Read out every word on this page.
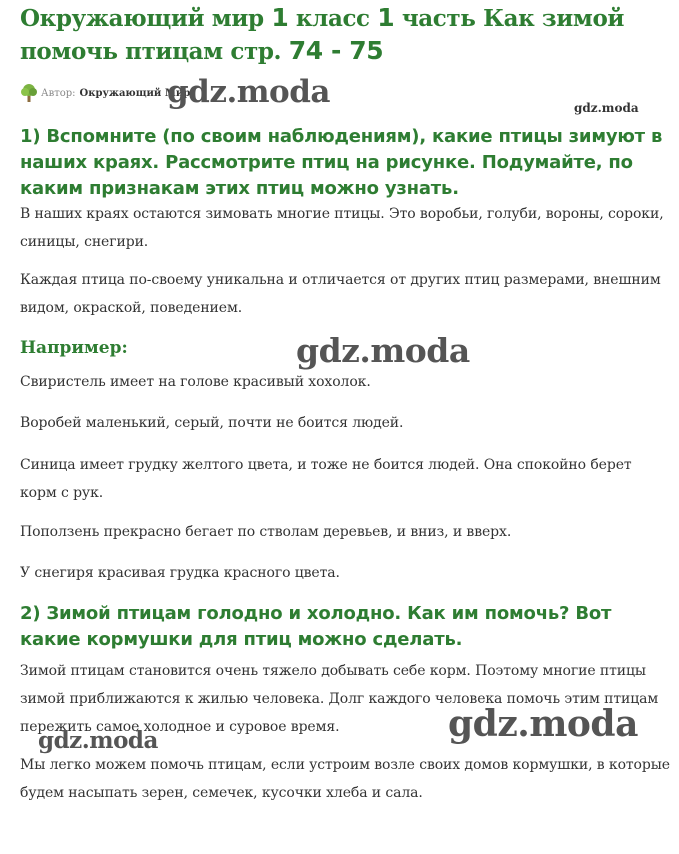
Окружающий мир 1 класс 1 часть Как зимой помочь птицам стр. 74 - 75
Автор: Окружающий Мир
gdz.moda	gdz.moda
1) Вспомните (по своим наблюдениям), какие птицы зимуют в наших краях. Рассмотрите птиц на рисунке. Подумайте, по каким признакам этих птиц можно узнать.

В наших краях остаются зимовать многие птицы. Это воробьи, голуби, вороны, сороки, синицы, снегири.

Каждая птица по-своему уникальна и отличается от других птиц размерами, внешним видом, окраской, поведением.

Например:	gdz.moda

Свиристель имеет на голове красивый хохолок.

Воробей маленький, серый, почти не боится людей.

Синица имеет грудку желтого цвета, и тоже не боится людей. Она спокойно берет корм с рук.

Поползень прекрасно бегает по стволам деревьев, и вниз, и вверх.

У снегиря красивая грудка красного цвета.

2) Зимой птицам голодно и холодно. Как им помочь? Вот какие кормушки для птиц можно сделать.

Зимой птицам становится очень тяжело добывать себе корм. Поэтому многие птицы зимой приближаются к жилью человека. Долг каждого человека помочь этим птицам пережить самое холодное и суровое время.	gdz.moda
gdz.moda

Мы легко можем помочь птицам, если устроим возле своих домов кормушки, в которые будем насыпать зерен, семечек, кусочки хлеба и сала.
